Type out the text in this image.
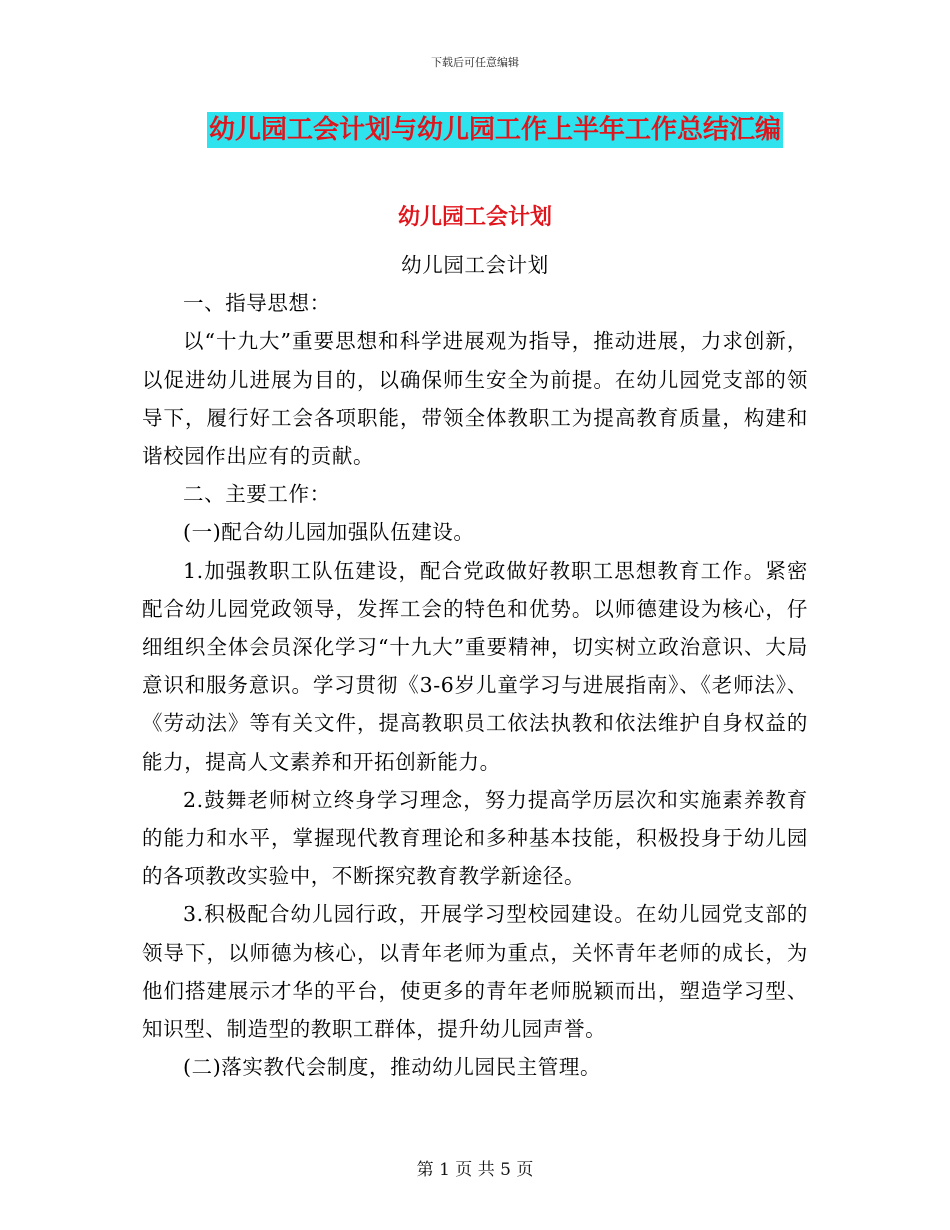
下载后可任意编辑
幼儿园工会计划与幼儿园工作上半年工作总结汇编
幼儿园工会计划

幼儿园工会计划

一、指导思想：

以“十九大”重要思想和科学进展观为指导，推动进展，力求创新，以促进幼儿进展为目的，以确保师生安全为前提。在幼儿园党支部的领导下，履行好工会各项职能，带领全体教职工为提高教育质量，构建和谐校园作出应有的贡献。

二、主要工作：

(一)配合幼儿园加强队伍建设。

1.加强教职工队伍建设，配合党政做好教职工思想教育工作。紧密配合幼儿园党政领导，发挥工会的特色和优势。以师德建设为核心，仔细组织全体会员深化学习“十九大”重要精神，切实树立政治意识、大局意识和服务意识。学习贯彻《3-6岁儿童学习与进展指南》、《老师法》、《劳动法》等有关文件，提高教职员工依法执教和依法维护自身权益的能力，提高人文素养和开拓创新能力。

2.鼓舞老师树立终身学习理念，努力提高学历层次和实施素养教育的能力和水平，掌握现代教育理论和多种基本技能，积极投身于幼儿园的各项教改实验中，不断探究教育教学新途径。

3.积极配合幼儿园行政，开展学习型校园建设。在幼儿园党支部的领导下，以师德为核心，以青年老师为重点，关怀青年老师的成长，为他们搭建展示才华的平台，使更多的青年老师脱颖而出，塑造学习型、知识型、制造型的教职工群体，提升幼儿园声誉。

(二)落实教代会制度，推动幼儿园民主管理。

第 1 页 共 5 页
